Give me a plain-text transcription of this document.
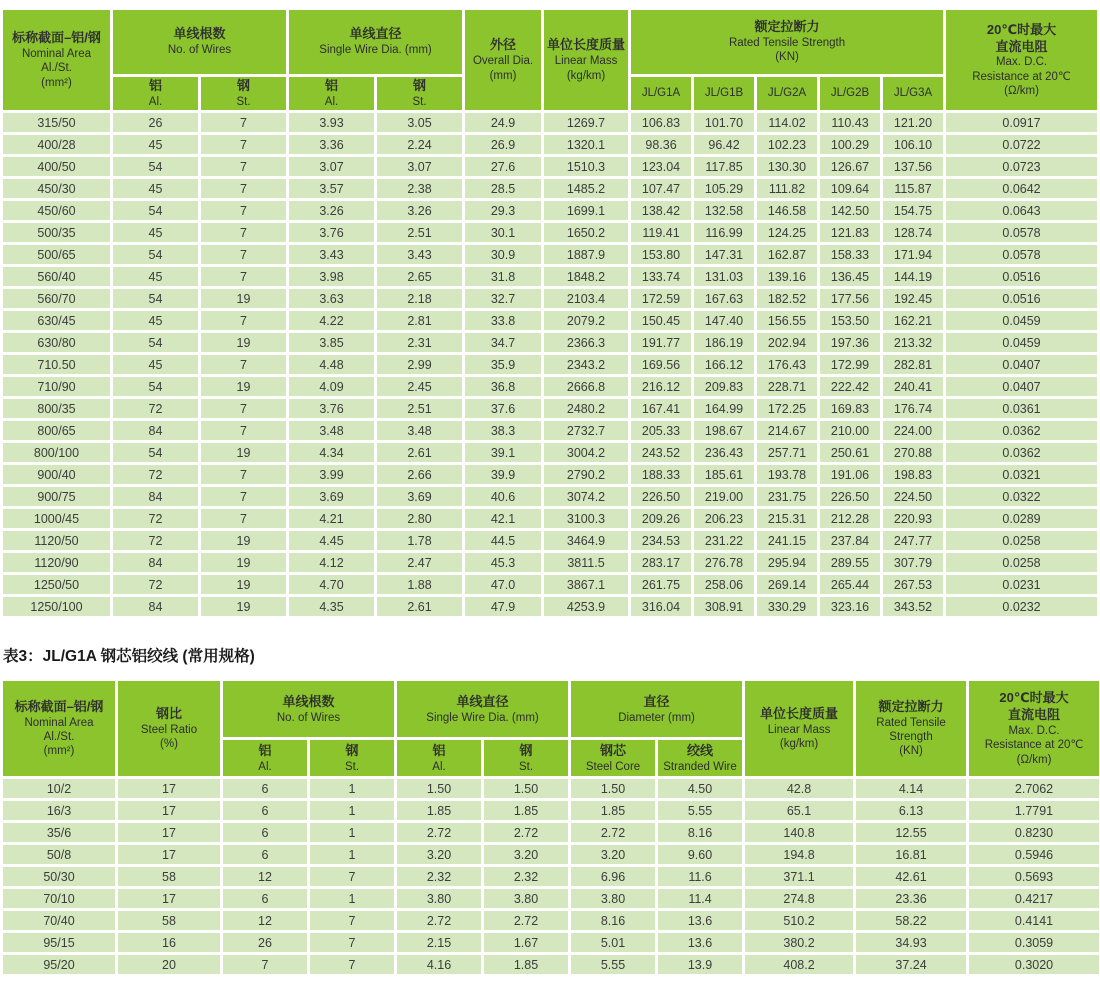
标称截面–铝/钢
Nominal Area
Al./St.
(mm²)

单线根数
No. of Wires

单线直径
Single Wire Dia. (mm)	外径
Overall Dia.
(mm)

单位长度质量
Linear Mass
(kg/km)

额定拉断力
Rated Tensile Strength
(KN)

20℃时最大
直流电阻
Max. D.C.
Resistance at 20℃
(Ω/km)

铝
Al.

钢
St.

铝
Al.

钢
St.
	JL/G1A	JL/G1B	JL/G2A	JL/G2B	JL/G3A
315/50	26	7	3.93	3.05	24.9	1269.7	106.83	101.70	114.02	110.43	121.20	0.0917
400/28	45	7	3.36	2.24	26.9	1320.1	98.36	96.42	102.23	100.29	106.10	0.0722
400/50	54	7	3.07	3.07	27.6	1510.3	123.04	117.85	130.30	126.67	137.56	0.0723
450/30	45	7	3.57	2.38	28.5	1485.2	107.47	105.29	111.82	109.64	115.87	0.0642
450/60	54	7	3.26	3.26	29.3	1699.1	138.42	132.58	146.58	142.50	154.75	0.0643
500/35	45	7	3.76	2.51	30.1	1650.2	119.41	116.99	124.25	121.83	128.74	0.0578
500/65	54	7	3.43	3.43	30.9	1887.9	153.80	147.31	162.87	158.33	171.94	0.0578
560/40	45	7	3.98	2.65	31.8	1848.2	133.74	131.03	139.16	136.45	144.19	0.0516
560/70	54	19	3.63	2.18	32.7	2103.4	172.59	167.63	182.52	177.56	192.45	0.0516
630/45	45	7	4.22	2.81	33.8	2079.2	150.45	147.40	156.55	153.50	162.21	0.0459
630/80	54	19	3.85	2.31	34.7	2366.3	191.77	186.19	202.94	197.36	213.32	0.0459
710.50	45	7	4.48	2.99	35.9	2343.2	169.56	166.12	176.43	172.99	282.81	0.0407
710/90	54	19	4.09	2.45	36.8	2666.8	216.12	209.83	228.71	222.42	240.41	0.0407
800/35	72	7	3.76	2.51	37.6	2480.2	167.41	164.99	172.25	169.83	176.74	0.0361
800/65	84	7	3.48	3.48	38.3	2732.7	205.33	198.67	214.67	210.00	224.00	0.0362
800/100	54	19	4.34	2.61	39.1	3004.2	243.52	236.43	257.71	250.61	270.88	0.0362
900/40	72	7	3.99	2.66	39.9	2790.2	188.33	185.61	193.78	191.06	198.83	0.0321
900/75	84	7	3.69	3.69	40.6	3074.2	226.50	219.00	231.75	226.50	224.50	0.0322
1000/45	72	7	4.21	2.80	42.1	3100.3	209.26	206.23	215.31	212.28	220.93	0.0289
1120/50	72	19	4.45	1.78	44.5	3464.9	234.53	231.22	241.15	237.84	247.77	0.0258
1120/90	84	19	4.12	2.47	45.3	3811.5	283.17	276.78	295.94	289.55	307.79	0.0258
1250/50	72	19	4.70	1.88	47.0	3867.1	261.75	258.06	269.14	265.44	267.53	0.0231
1250/100	84	19	4.35	2.61	47.9	4253.9	316.04	308.91	330.29	323.16	343.52	0.0232
表3：JL/G1A 钢芯铝绞线 (常用规格)
标称截面–铝/钢
Nominal Area
Al./St.
(mm²)

钢比
Steel Ratio
(%)

单线根数
No. of Wires

单线直径
Single Wire Dia. (mm)

直径
Diameter (mm)	单位长度质量
Linear Mass
(kg/km)

额定拉断力
Rated Tensile
Strength
(KN)

20℃时最大
直流电阻
Max. D.C.
Resistance at 20℃
(Ω/km)

铝
Al.

钢
St.

铝
Al.

钢
St.

钢芯
Steel Core

绞线
Stranded Wire

10/2	17	6	1	1.50	1.50	1.50	4.50	42.8	4.14	2.7062
16/3	17	6	1	1.85	1.85	1.85	5.55	65.1	6.13	1.7791
35/6	17	6	1	2.72	2.72	2.72	8.16	140.8	12.55	0.8230
50/8	17	6	1	3.20	3.20	3.20	9.60	194.8	16.81	0.5946
50/30	58	12	7	2.32	2.32	6.96	11.6	371.1	42.61	0.5693
70/10	17	6	1	3.80	3.80	3.80	11.4	274.8	23.36	0.4217
70/40	58	12	7	2.72	2.72	8.16	13.6	510.2	58.22	0.4141
95/15	16	26	7	2.15	1.67	5.01	13.6	380.2	34.93	0.3059
95/20	20	7	7	4.16	1.85	5.55	13.9	408.2	37.24	0.3020
